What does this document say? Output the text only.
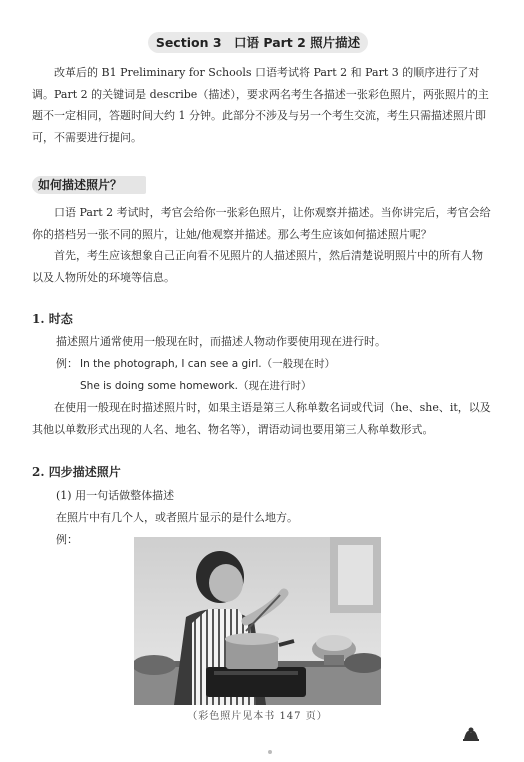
Section 3　口语 Part 2 照片描述

改革后的 B1 Preliminary for Schools 口语考试将 Part 2 和 Part 3 的顺序进行了对调。Part 2 的关键词是 describe（描述），要求两名考生各描述一张彩色照片，两张照片的主题不一定相同，答题时间大约 1 分钟。此部分不涉及与另一个考生交流，考生只需描述照片即可，不需要进行提问。

如何描述照片？

口语 Part 2 考试时，考官会给你一张彩色照片，让你观察并描述。当你讲完后，考官会给你的搭档另一张不同的照片，让她/他观察并描述。那么考生应该如何描述照片呢？

首先，考生应该想象自己正向看不见照片的人描述照片，然后清楚说明照片中的所有人物以及人物所处的环境等信息。

1. 时态
描述照片通常使用一般现在时，而描述人物动作要使用现在进行时。
例： In the photograph, I can see a girl.（一般现在时）
She is doing some homework.（现在进行时）

在使用一般现在时描述照片时，如果主语是第三人称单数名词或代词（he、she、it，以及其他以单数形式出现的人名、地名、物名等），谓语动词也要用第三人称单数形式。

2. 四步描述照片
(1) 用一句话做整体描述
在照片中有几个人，或者照片显示的是什么地方。
例：
（彩色照片见本书 147 页）
